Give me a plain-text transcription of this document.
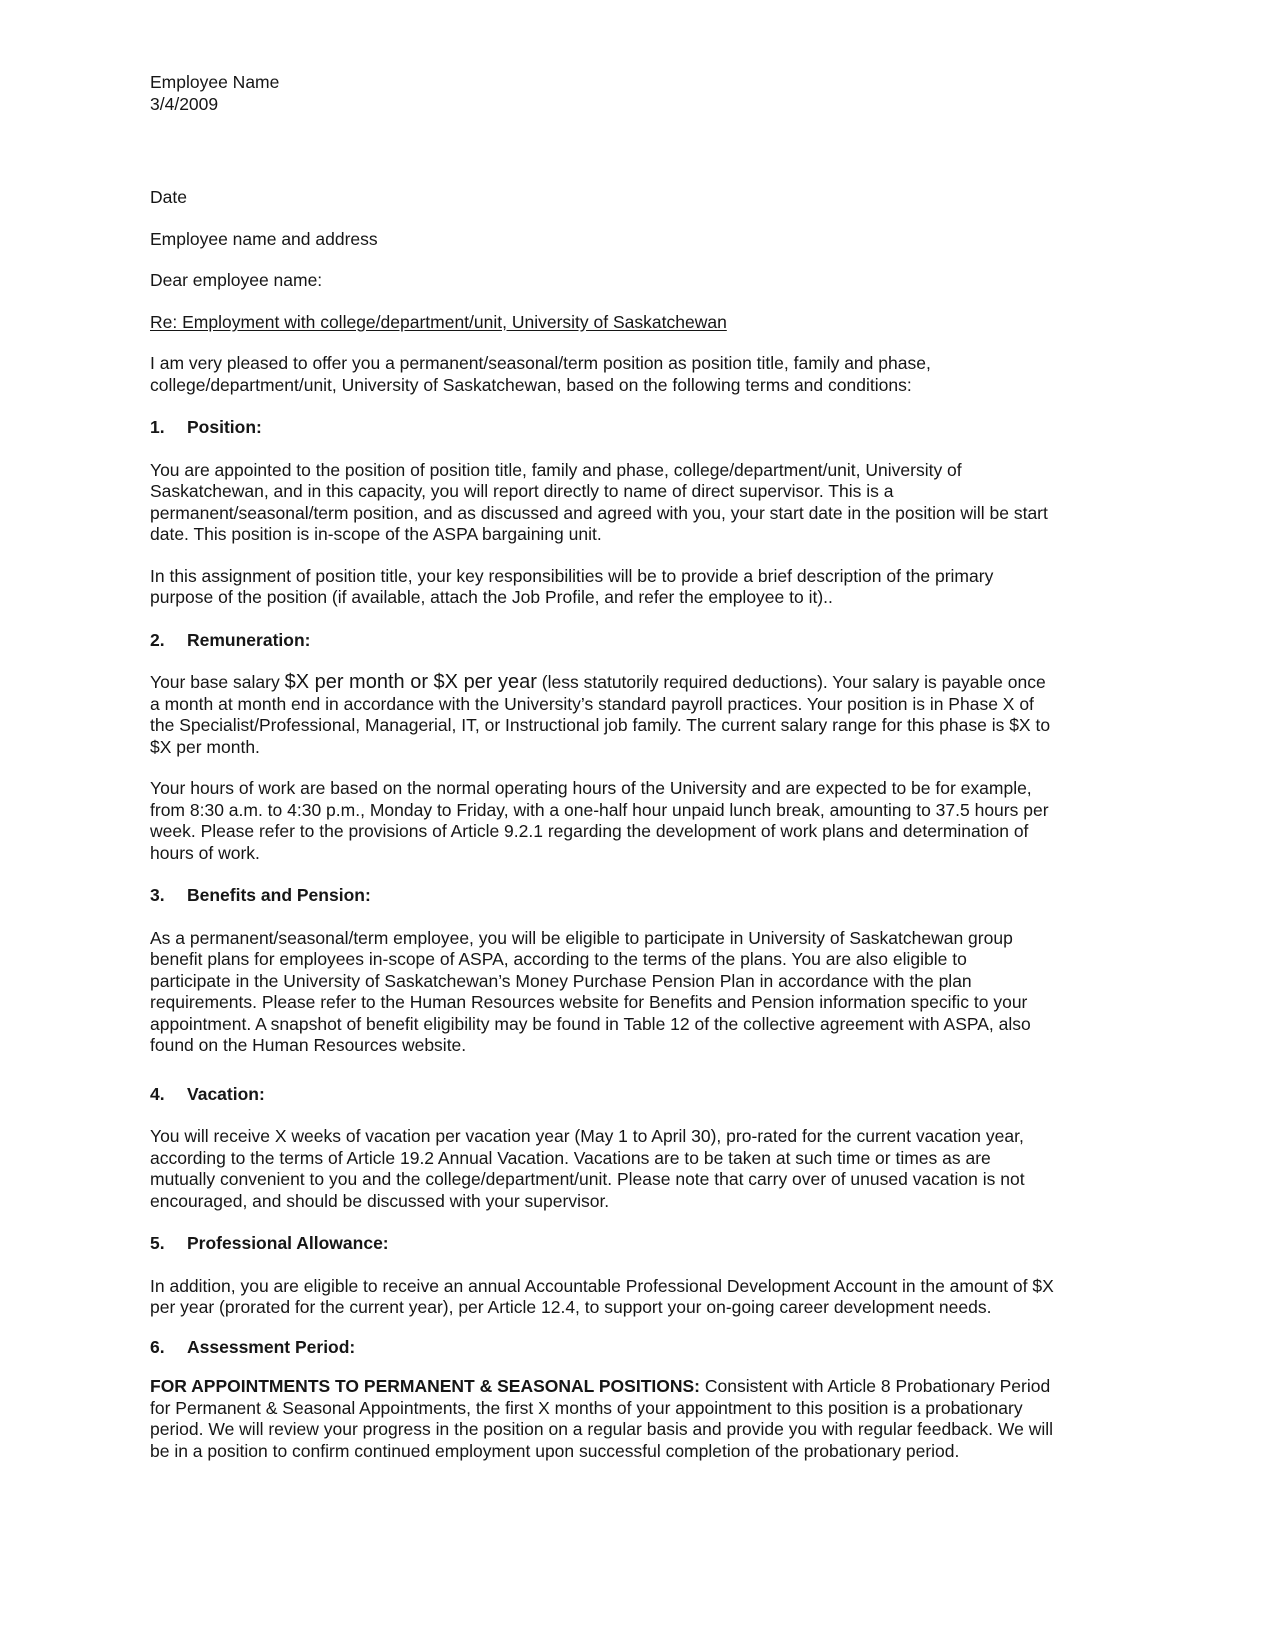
Employee Name

3/4/2009

Date

Employee name and address

Dear employee name:

Re: Employment with college/department/unit, University of Saskatchewan

I am very pleased to offer you a permanent/seasonal/term position as position title, family and phase,
college/department/unit, University of Saskatchewan, based on the following terms and conditions:

1. Position:

You are appointed to the position of position title, family and phase, college/department/unit, University of
Saskatchewan, and in this capacity, you will report directly to name of direct supervisor. This is a
permanent/seasonal/term position, and as discussed and agreed with you, your start date in the position will be start
date. This position is in-scope of the ASPA bargaining unit.

In this assignment of position title, your key responsibilities will be to provide a brief description of the primary
purpose of the position (if available, attach the Job Profile, and refer the employee to it)..

2. Remuneration:

Your base salary $X per month or $X per year (less statutorily required deductions). Your salary is payable once
a month at month end in accordance with the University’s standard payroll practices. Your position is in Phase X of
the Specialist/Professional, Managerial, IT, or Instructional job family. The current salary range for this phase is $X to
$X per month.

Your hours of work are based on the normal operating hours of the University and are expected to be for example,
from 8:30 a.m. to 4:30 p.m., Monday to Friday, with a one-half hour unpaid lunch break, amounting to 37.5 hours per
week. Please refer to the provisions of Article 9.2.1 regarding the development of work plans and determination of
hours of work.

3. Benefits and Pension:

As a permanent/seasonal/term employee, you will be eligible to participate in University of Saskatchewan group
benefit plans for employees in-scope of ASPA, according to the terms of the plans. You are also eligible to
participate in the University of Saskatchewan’s Money Purchase Pension Plan in accordance with the plan
requirements. Please refer to the Human Resources website for Benefits and Pension information specific to your
appointment. A snapshot of benefit eligibility may be found in Table 12 of the collective agreement with ASPA, also
found on the Human Resources website.

4. Vacation:

You will receive X weeks of vacation per vacation year (May 1 to April 30), pro-rated for the current vacation year,
according to the terms of Article 19.2 Annual Vacation. Vacations are to be taken at such time or times as are
mutually convenient to you and the college/department/unit. Please note that carry over of unused vacation is not
encouraged, and should be discussed with your supervisor.

5. Professional Allowance:

In addition, you are eligible to receive an annual Accountable Professional Development Account in the amount of $X
per year (prorated for the current year), per Article 12.4, to support your on-going career development needs.

6. Assessment Period:

FOR APPOINTMENTS TO PERMANENT & SEASONAL POSITIONS: Consistent with Article 8 Probationary Period
for Permanent & Seasonal Appointments, the first X months of your appointment to this position is a probationary
period. We will review your progress in the position on a regular basis and provide you with regular feedback. We will
be in a position to confirm continued employment upon successful completion of the probationary period.
